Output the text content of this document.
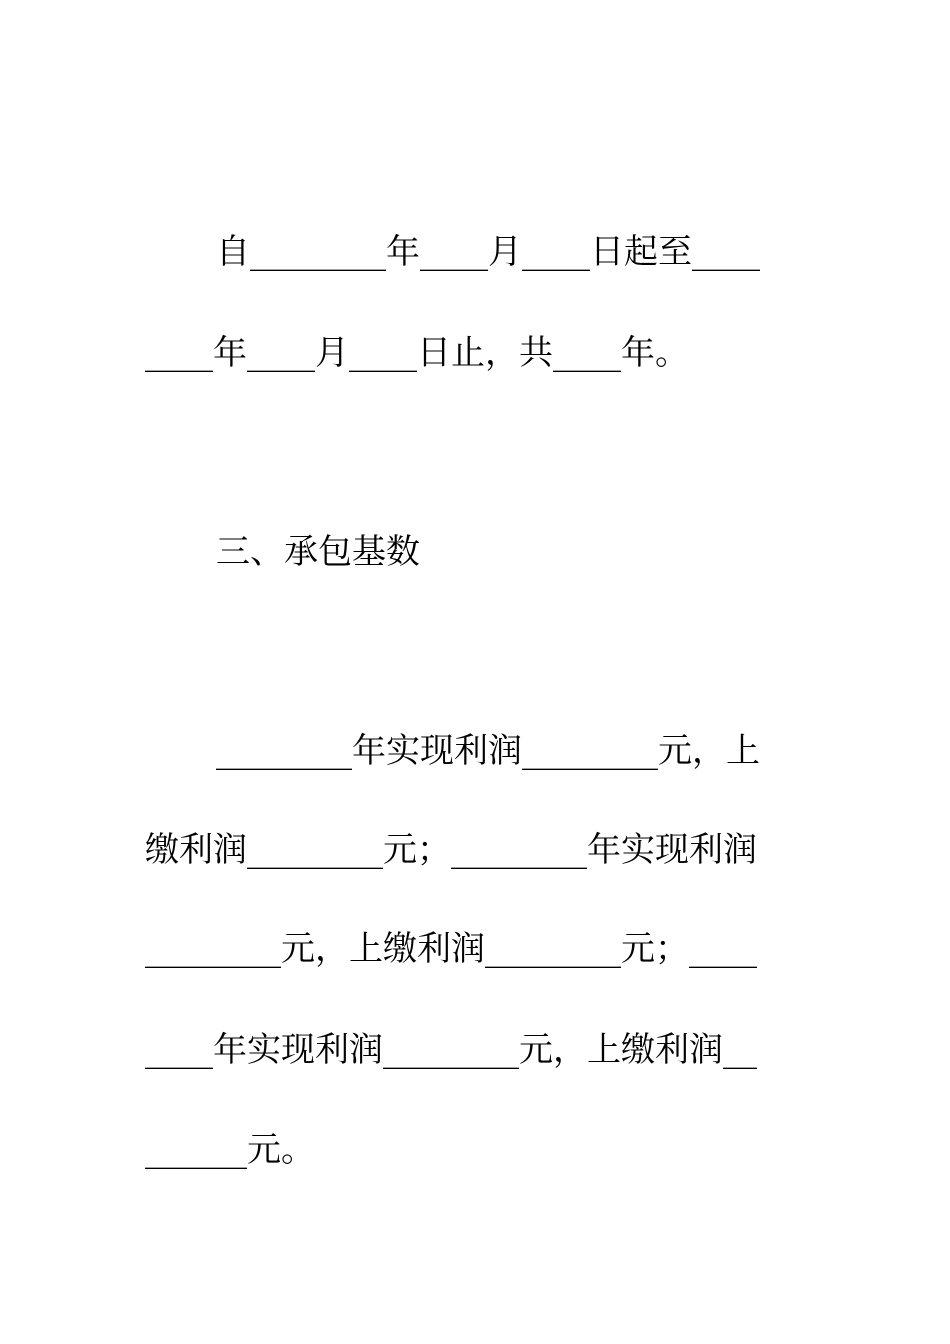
自________年____月____日起至____
____年____月____日止，共____年。
三、承包基数
________年实现利润________元，上
缴利润________元；________年实现利润
________元，上缴利润________元；____
____年实现利润________元，上缴利润__
______元。
